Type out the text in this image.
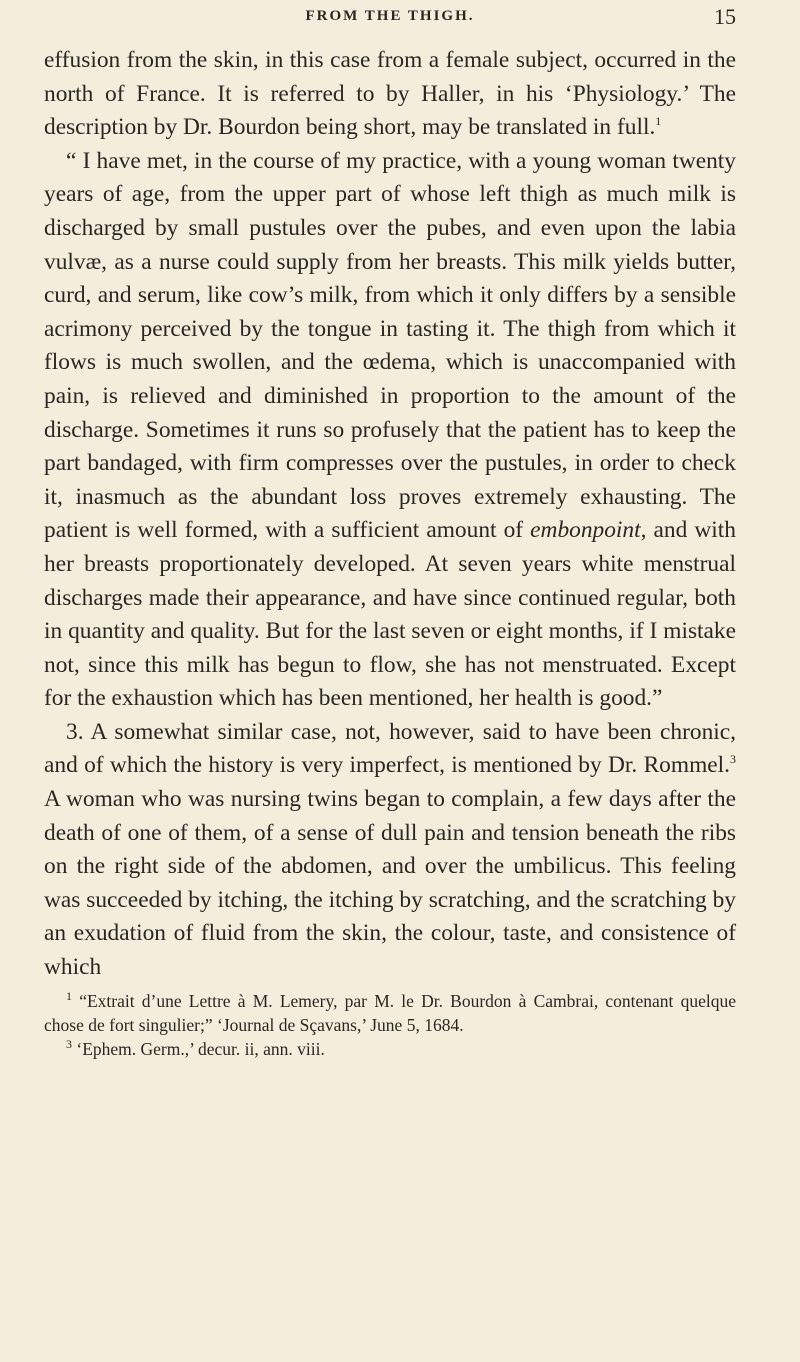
FROM THE THIGH.	15

effusion from the skin, in this case from a female subject, occurred in the north of France. It is referred to by Haller, in his ‘Physiology.’ The description by Dr. Bourdon being short, may be translated in full.$^1$

“ I have met, in the course of my practice, with a young woman twenty years of age, from the upper part of whose left thigh as much milk is discharged by small pustules over the pubes, and even upon the labia vulvæ, as a nurse could supply from her breasts. This milk yields butter, curd, and serum, like cow’s milk, from which it only differs by a sensible acrimony perceived by the tongue in tasting it. The thigh from which it flows is much swollen, and the œdema, which is unaccompanied with pain, is relieved and diminished in proportion to the amount of the discharge. Sometimes it runs so profusely that the patient has to keep the part bandaged, with firm compresses over the pustules, in order to check it, inasmuch as the abundant loss proves extremely exhausting. The patient is well formed, with a sufficient amount of embonpoint, and with her breasts proportionately developed. At seven years white menstrual discharges made their appearance, and have since continued regular, both in quantity and quality. But for the last seven or eight months, if I mistake not, since this milk has begun to flow, she has not menstruated. Except for the exhaustion which has been mentioned, her health is good.”

3. A somewhat similar case, not, however, said to have been chronic, and of which the history is very imperfect, is mentioned by Dr. Rommel.$^3$ A woman who was nursing twins began to complain, a few days after the death of one of them, of a sense of dull pain and tension beneath the ribs on the right side of the abdomen, and over the umbilicus. This feeling was succeeded by itching, the itching by scratching, and the scratching by an exudation of fluid from the skin, the colour, taste, and consistence of which

$^1$ “Extrait d’une Lettre à M. Lemery, par M. le Dr. Bourdon à Cambrai, contenant quelque chose de fort singulier;” ‘Journal de Sçavans,’ June 5, 1684.

$^3$ ‘Ephem. Germ.,’ decur. ii, ann. viii.
